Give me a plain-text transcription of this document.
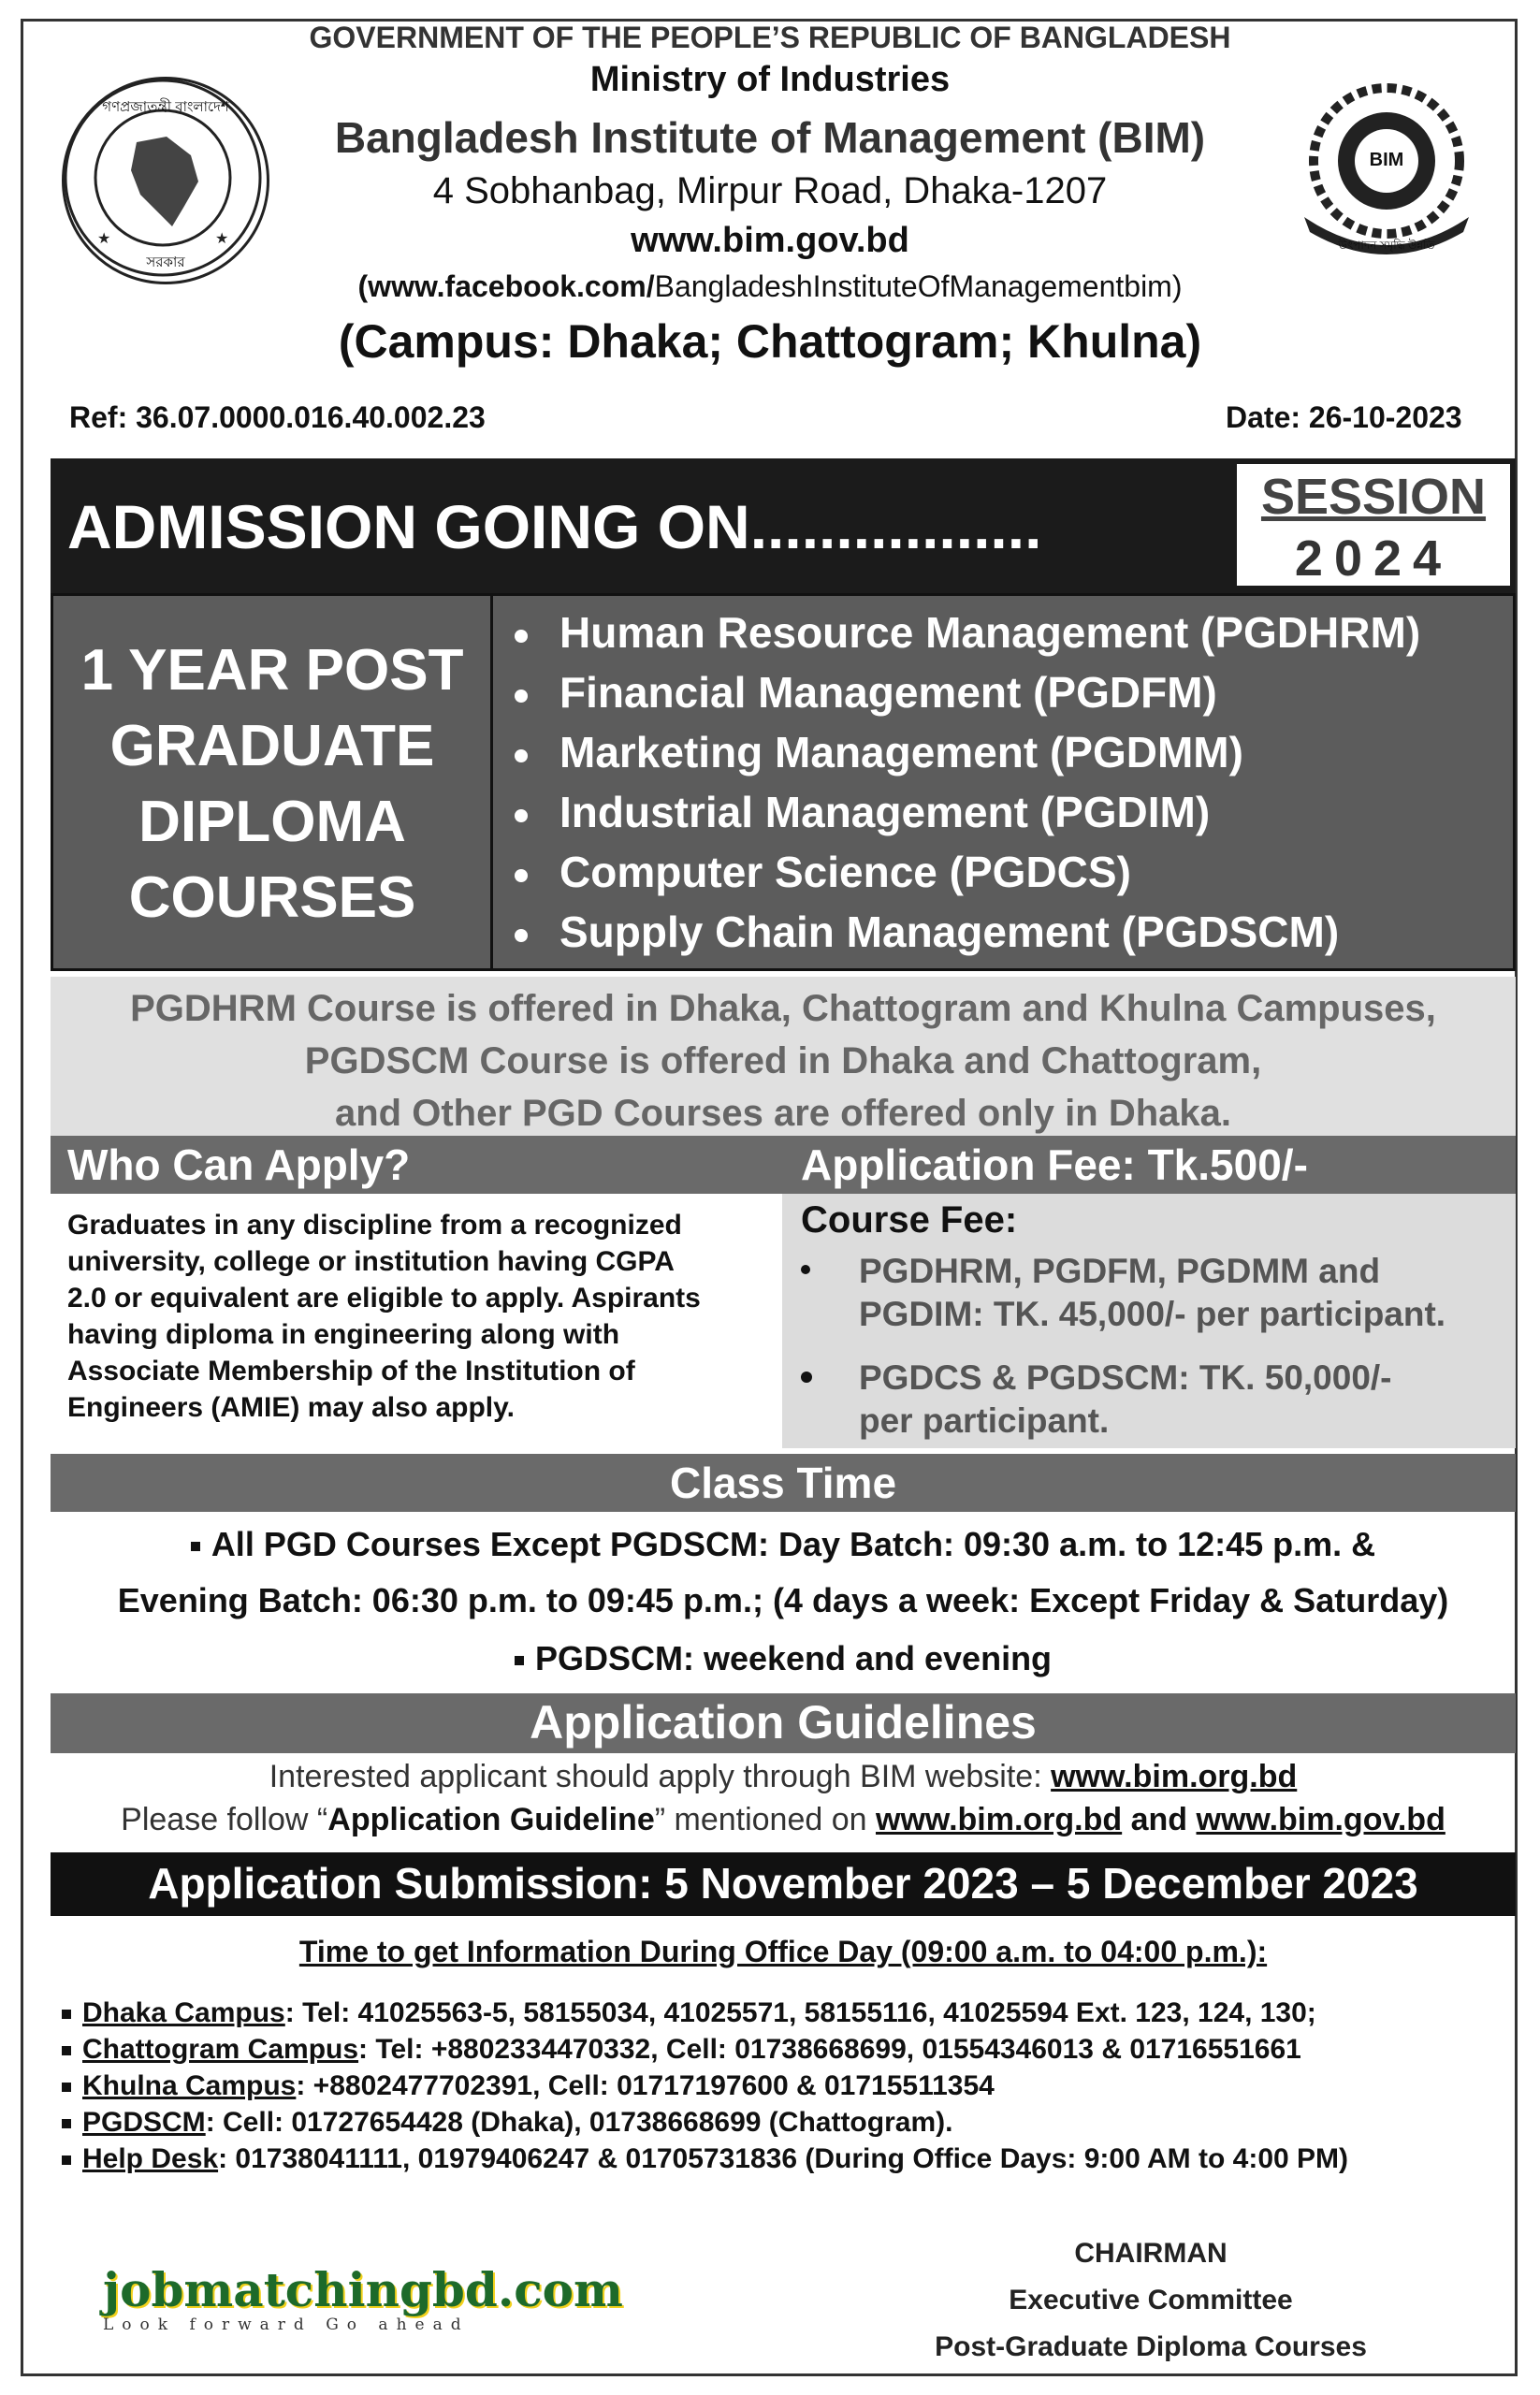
★	★
গণপ্রজাতন্ত্রী বাংলাদেশ
সরকার
BIM
উৎপাদন সমৃদ্ধি উন্নতি
GOVERNMENT OF THE PEOPLE’S REPUBLIC OF BANGLADESH
Ministry of Industries
Bangladesh Institute of Management (BIM)
4 Sobhanbag, Mirpur Road, Dhaka-1207
www.bim.gov.bd
(www.facebook.com/BangladeshInstituteOfManagementbim)
(Campus: Dhaka; Chattogram; Khulna)
Ref: 36.07.0000.016.40.002.23	Date: 26-10-2023
ADMISSION GOING ON.................	SESSION
2024
1 YEAR POST
GRADUATE
DIPLOMA
COURSES
Human Resource Management (PGDHRM)
Financial Management (PGDFM)
Marketing Management (PGDMM)
Industrial Management (PGDIM)
Computer Science (PGDCS)
Supply Chain Management (PGDSCM)
PGDHRM Course is offered in Dhaka, Chattogram and Khulna Campuses,
PGDSCM Course is offered in Dhaka and Chattogram,
and Other PGD Courses are offered only in Dhaka.
Who Can Apply?	Application Fee: Tk.500/-
Graduates in any discipline from a recognized
university, college or institution having CGPA
2.0 or equivalent are eligible to apply. Aspirants
having diploma in engineering along with
Associate Membership of the Institution of
Engineers (AMIE) may also apply.
Course Fee:
PGDHRM, PGDFM, PGDMM and
PGDIM: TK. 45,000/- per participant.
PGDCS & PGDSCM: TK. 50,000/-
per participant.
Class Time
All PGD Courses Except PGDSCM: Day Batch: 09:30 a.m. to 12:45 p.m. &
Evening Batch: 06:30 p.m. to 09:45 p.m.; (4 days a week: Except Friday & Saturday)
PGDSCM: weekend and evening
Application Guidelines
Interested applicant should apply through BIM website: www.bim.org.bd
Please follow “Application Guideline” mentioned on www.bim.org.bd and www.bim.gov.bd
Application Submission: 5 November 2023 – 5 December 2023
Time to get Information During Office Day (09:00 a.m. to 04:00 p.m.):
Dhaka Campus: Tel: 41025563-5, 58155034, 41025571, 58155116, 41025594 Ext. 123, 124, 130;
Chattogram Campus: Tel: +8802334470332, Cell: 01738668699, 01554346013 & 01716551661
Khulna Campus: +8802477702391, Cell: 01717197600 & 01715511354
PGDSCM: Cell: 01727654428 (Dhaka), 01738668699 (Chattogram).
Help Desk: 01738041111, 01979406247 & 01705731836 (During Office Days: 9:00 AM to 4:00 PM)
jobmatchingbd.com
Look forward Go ahead
CHAIRMAN
Executive Committee
Post-Graduate Diploma Courses
